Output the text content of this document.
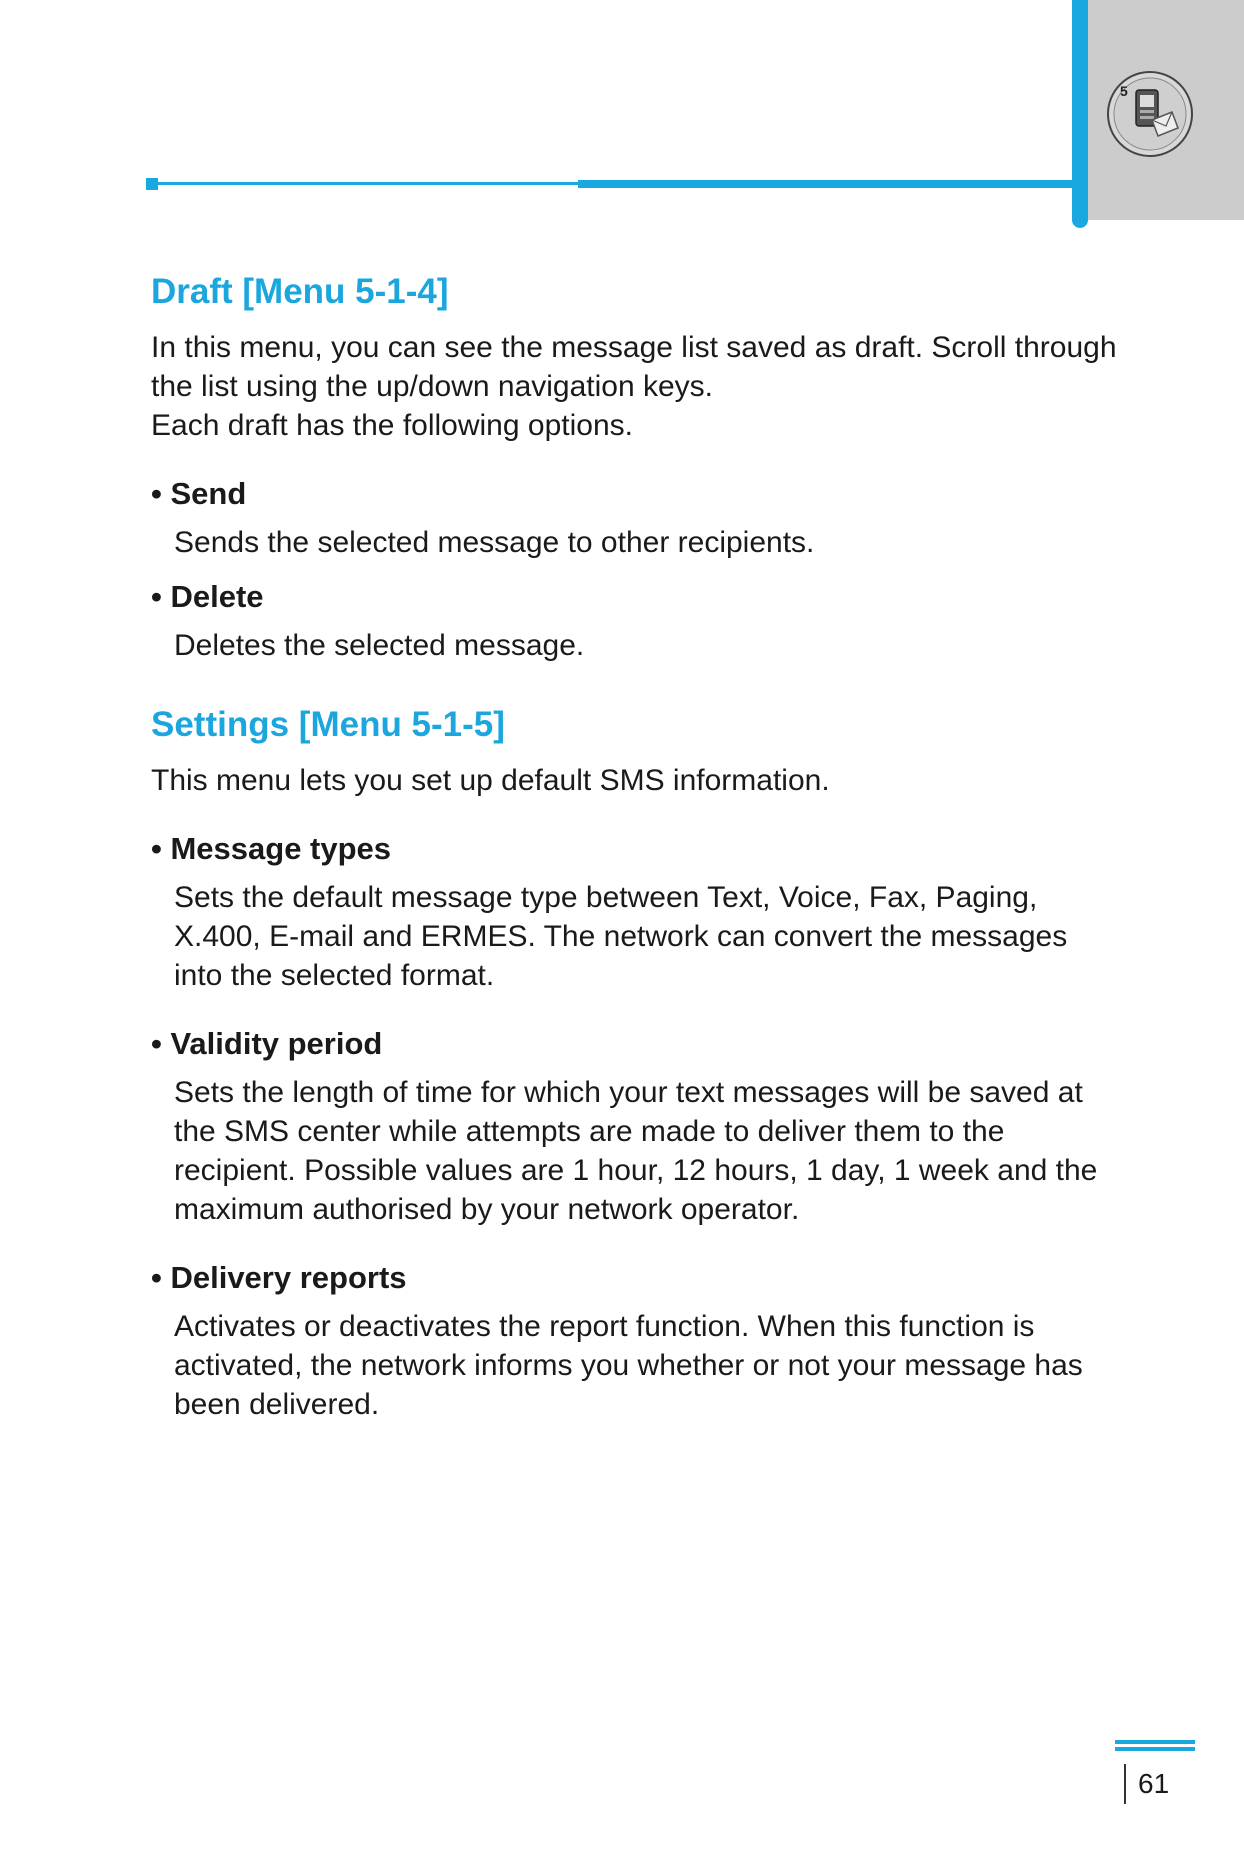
5
Draft [Menu 5-1-4]

In this menu, you can see the message list saved as draft. Scroll through the list using the up/down navigation keys.

Each draft has the following options.

• Send

Sends the selected message to other recipients.

• Delete

Deletes the selected message.

Settings [Menu 5-1-5]

This menu lets you set up default SMS information.

• Message types

Sets the default message type between Text, Voice, Fax, Paging, X.400, E-mail and ERMES. The network can convert the messages into the selected format.

• Validity period

Sets the length of time for which your text messages will be saved at the SMS center while attempts are made to deliver them to the recipient. Possible values are 1 hour, 12 hours, 1 day, 1 week and the maximum authorised by your network operator.

• Delivery reports

Activates or deactivates the report function. When this function is activated, the network informs you whether or not your message has been delivered.

61
